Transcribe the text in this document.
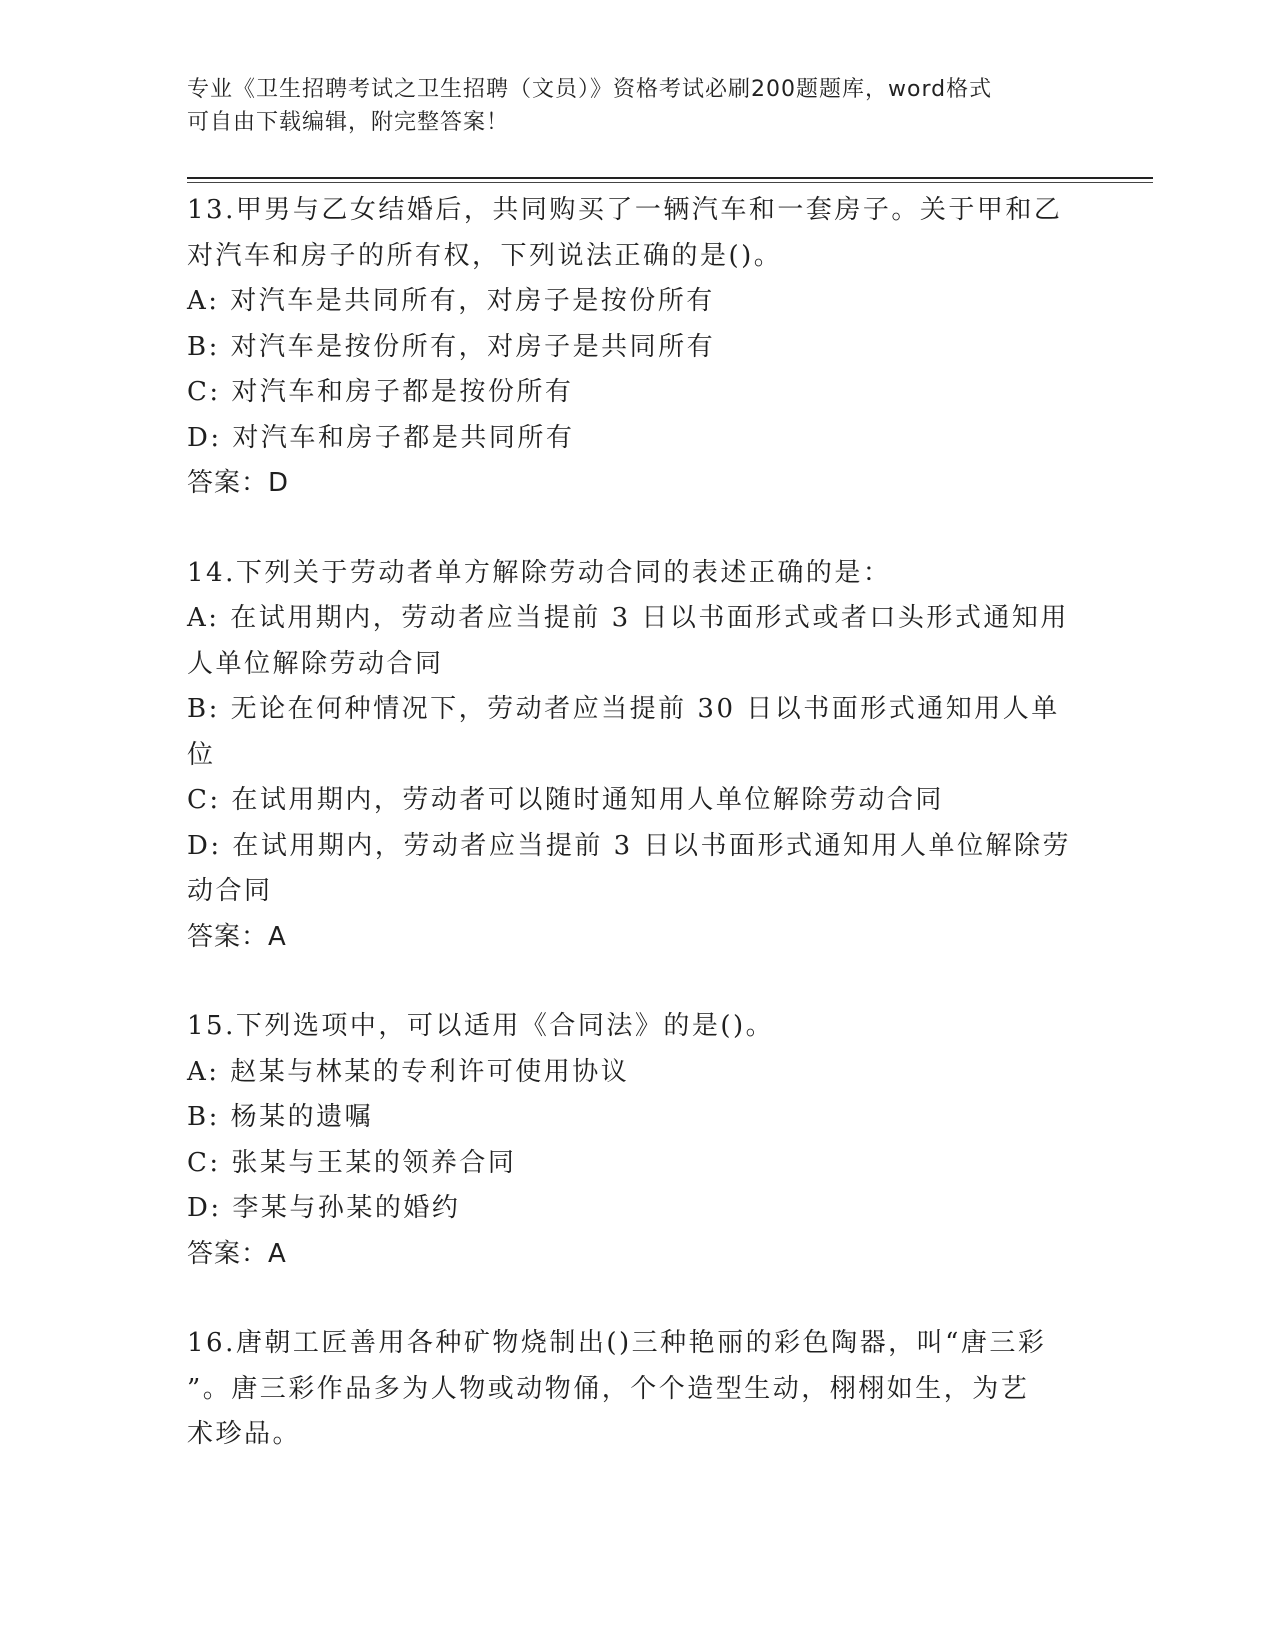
专业《卫生招聘考试之卫生招聘（文员）》资格考试必刷200题题库，word格式
可自由下载编辑，附完整答案！
13.甲男与乙女结婚后，共同购买了一辆汽车和一套房子。关于甲和乙
对汽车和房子的所有权，下列说法正确的是()。
A: 对汽车是共同所有，对房子是按份所有
B: 对汽车是按份所有，对房子是共同所有
C: 对汽车和房子都是按份所有
D: 对汽车和房子都是共同所有
答案：D
14.下列关于劳动者单方解除劳动合同的表述正确的是：
A: 在试用期内，劳动者应当提前 3 日以书面形式或者口头形式通知用
人单位解除劳动合同
B: 无论在何种情况下，劳动者应当提前 30 日以书面形式通知用人单
位
C: 在试用期内，劳动者可以随时通知用人单位解除劳动合同
D: 在试用期内，劳动者应当提前 3 日以书面形式通知用人单位解除劳
动合同
答案：A
15.下列选项中，可以适用《合同法》的是()。
A: 赵某与林某的专利许可使用协议
B: 杨某的遗嘱
C: 张某与王某的领养合同
D: 李某与孙某的婚约
答案：A
16.唐朝工匠善用各种矿物烧制出()三种艳丽的彩色陶器，叫“唐三彩
”。唐三彩作品多为人物或动物俑，个个造型生动，栩栩如生，为艺
术珍品。
